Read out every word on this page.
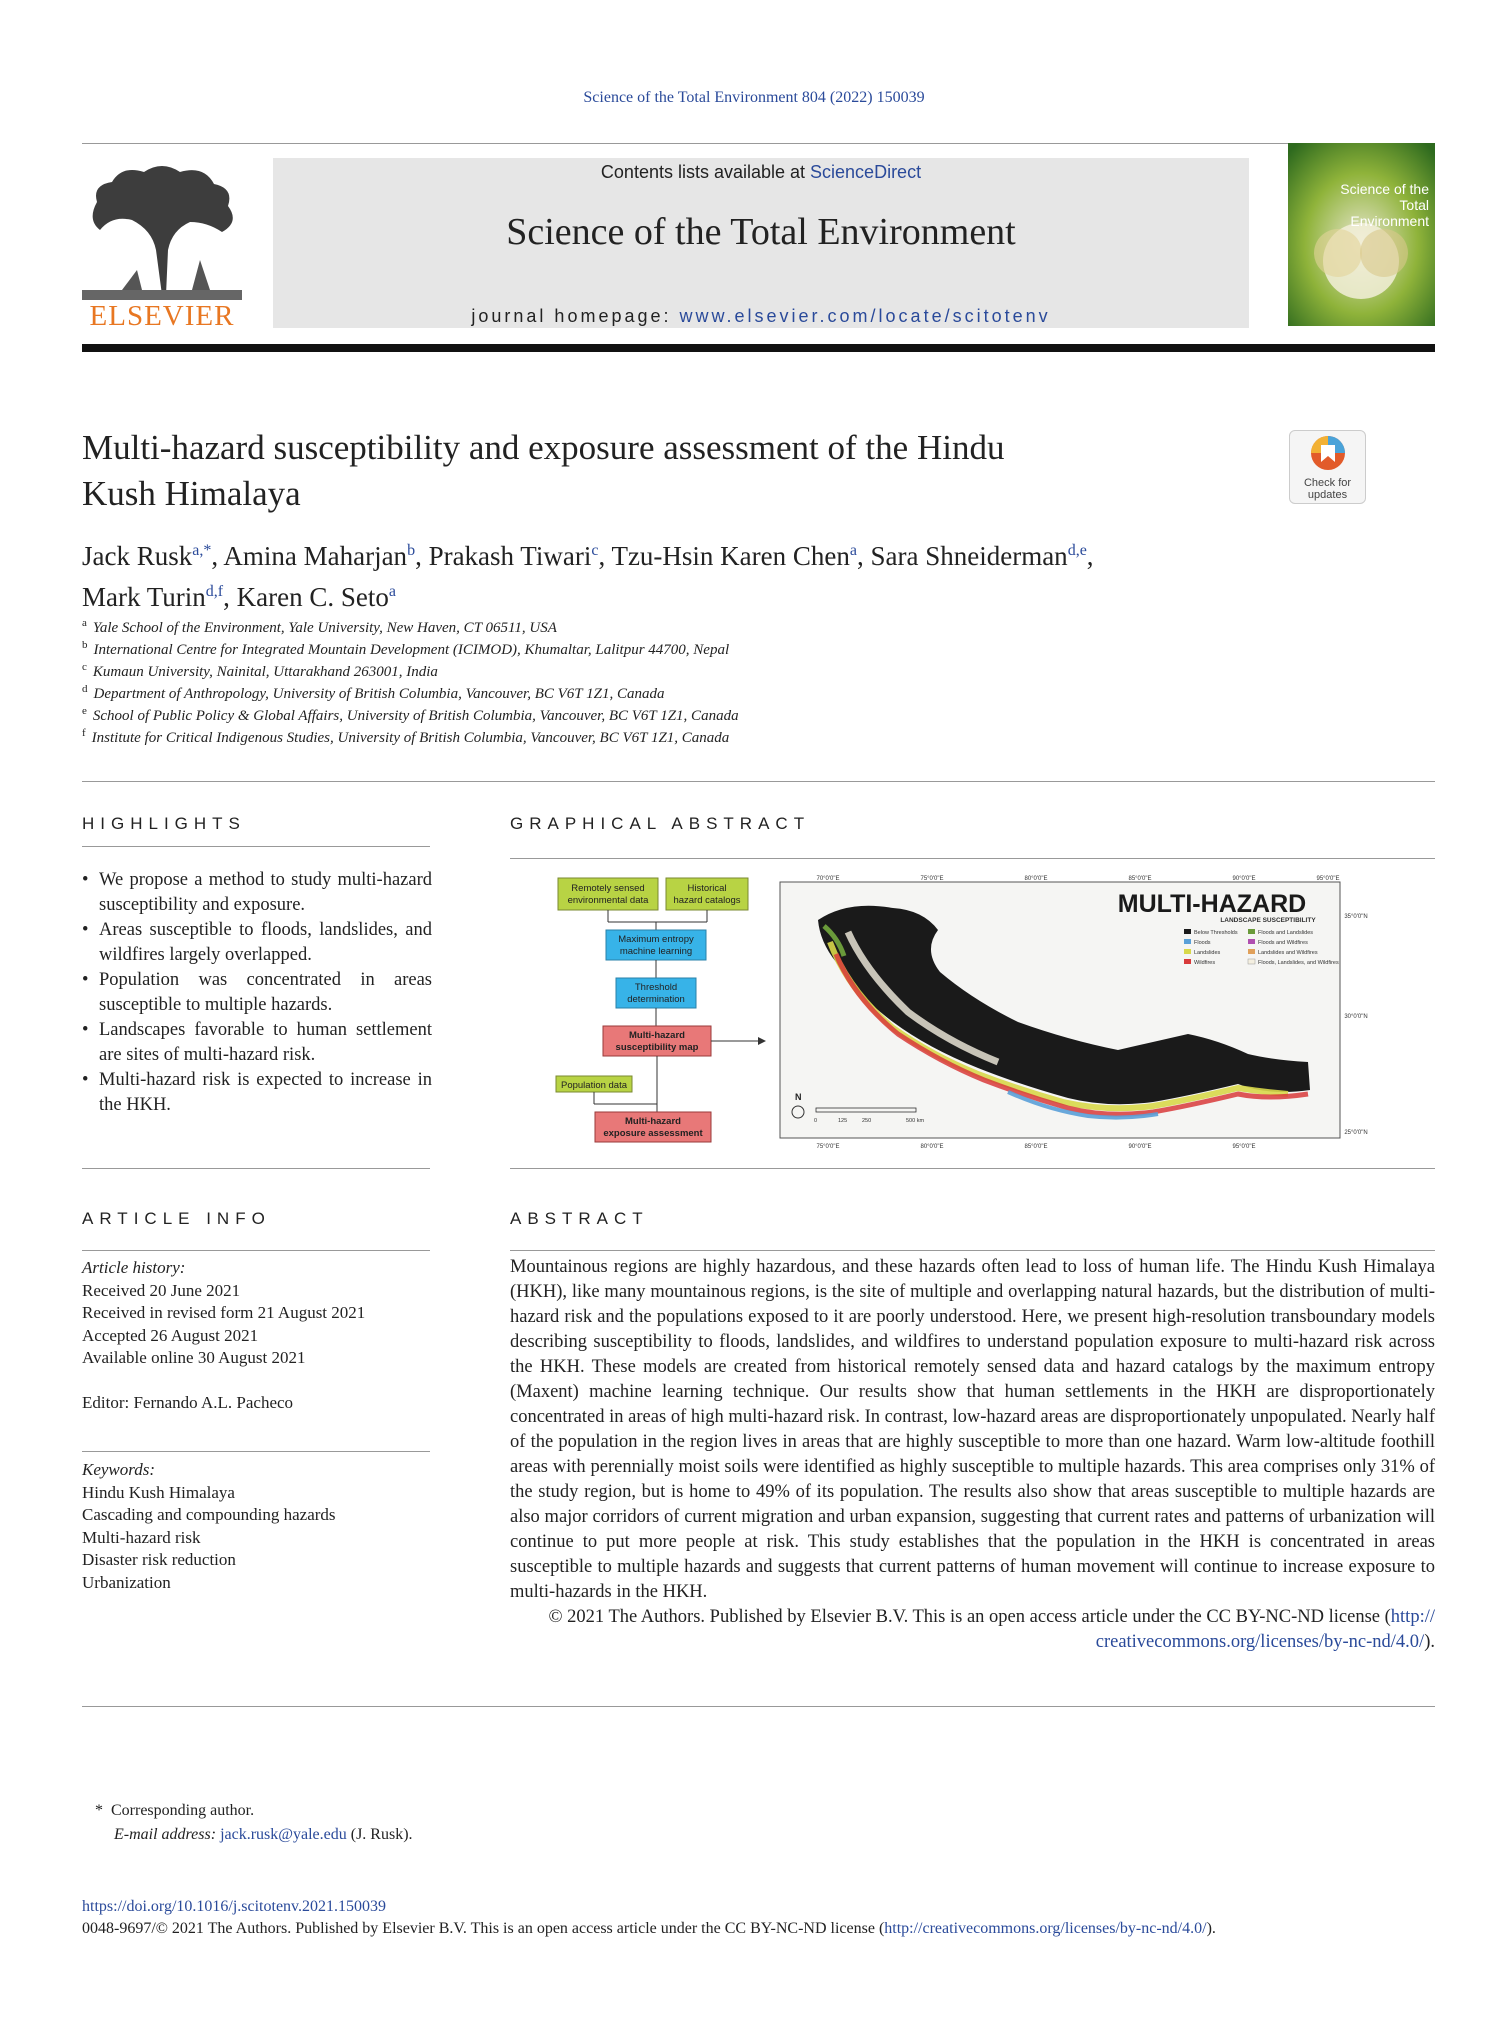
Science of the Total Environment 804 (2022) 150039
ELSEVIER
Contents lists available at ScienceDirect
Science of the Total Environment
journal homepage: www.elsevier.com/locate/scitotenv
Science of the Total Environment
Multi-hazard susceptibility and exposure assessment of the Hindu
Kush Himalaya	Check for
updates
Jack Rusk$^{a,*}$, Amina Maharjan$^b$, Prakash Tiwari$^c$, Tzu-Hsin Karen Chen$^a$, Sara Shneiderman$^{d,e}$,
Mark Turin$^{d,f}$, Karen C. Seto$^a$
$^a$ Yale School of the Environment, Yale University, New Haven, CT 06511, USA
$^b$ International Centre for Integrated Mountain Development (ICIMOD), Khumaltar, Lalitpur 44700, Nepal
$^c$ Kumaun University, Nainital, Uttarakhand 263001, India
$^d$ Department of Anthropology, University of British Columbia, Vancouver, BC V6T 1Z1, Canada
$^e$ School of Public Policy & Global Affairs, University of British Columbia, Vancouver, BC V6T 1Z1, Canada
$^f$ Institute for Critical Indigenous Studies, University of British Columbia, Vancouver, BC V6T 1Z1, Canada
HIGHLIGHTS
• We propose a method to study multi-hazard susceptibility and exposure.
• Areas susceptible to floods, landslides, and wildfires largely overlapped.
• Population was concentrated in areas susceptible to multiple hazards.
• Landscapes favorable to human settlement are sites of multi-hazard risk.
• Multi-hazard risk is expected to increase in the HKH.
GRAPHICAL ABSTRACT
Remotely sensed
environmental data
Historical
hazard catalogs
Maximum entropy
machine learning
Threshold
determination
Multi-hazard
susceptibility map
Population data
Multi-hazard
exposure assessment
70°0'0"E	75°0'0"E	80°0'0"E	85°0'0"E	90°0'0"E	95°0'0"E
35°0'0"N
30°0'0"N
25°0'0"N
75°0'0"E	80°0'0"E	85°0'0"E	90°0'0"E	95°0'0"E
MULTI-HAZARD
LANDSCAPE SUSCEPTIBILITY
Below Thresholds	Floods and Landslides
Floods	Floods and Wildfires
Landslides	Landslides and Wildfires
Wildfires	Floods, Landslides, and Wildfires
N
0	125	250	500 km
ARTICLE INFO
Article history:
Received 20 June 2021
Received in revised form 21 August 2021
Accepted 26 August 2021
Available online 30 August 2021
Editor: Fernando A.L. Pacheco
Keywords:
Hindu Kush Himalaya
Cascading and compounding hazards
Multi-hazard risk
Disaster risk reduction
Urbanization
ABSTRACT
Mountainous regions are highly hazardous, and these hazards often lead to loss of human life. The Hindu Kush Himalaya (HKH), like many mountainous regions, is the site of multiple and overlapping natural hazards, but the distribution of multi-hazard risk and the populations exposed to it are poorly understood. Here, we present high-resolution transboundary models describing susceptibility to floods, landslides, and wildfires to understand population exposure to multi-hazard risk across the HKH. These models are created from historical remotely sensed data and hazard catalogs by the maximum entropy (Maxent) machine learning technique. Our results show that human settlements in the HKH are disproportionately concentrated in areas of high multi-hazard risk. In contrast, low-hazard areas are disproportionately unpopulated. Nearly half of the population in the region lives in areas that are highly susceptible to more than one hazard. Warm low-altitude foothill areas with perennially moist soils were identified as highly susceptible to multiple hazards. This area comprises only 31% of the study region, but is home to 49% of its population. The results also show that areas susceptible to multiple hazards are also major corridors of current migration and urban expansion, suggesting that current rates and patterns of urbanization will continue to put more people at risk. This study establishes that the population in the HKH is concentrated in areas susceptible to multiple hazards and suggests that current patterns of human movement will continue to increase exposure to multi-hazards in the HKH.
© 2021 The Authors. Published by Elsevier B.V. This is an open access article under the CC BY-NC-ND license (http://
creativecommons.org/licenses/by-nc-nd/4.0/).
* Corresponding author.
E-mail address: jack.rusk@yale.edu (J. Rusk).
https://doi.org/10.1016/j.scitotenv.2021.150039
0048-9697/© 2021 The Authors. Published by Elsevier B.V. This is an open access article under the CC BY-NC-ND license (http://creativecommons.org/licenses/by-nc-nd/4.0/).
